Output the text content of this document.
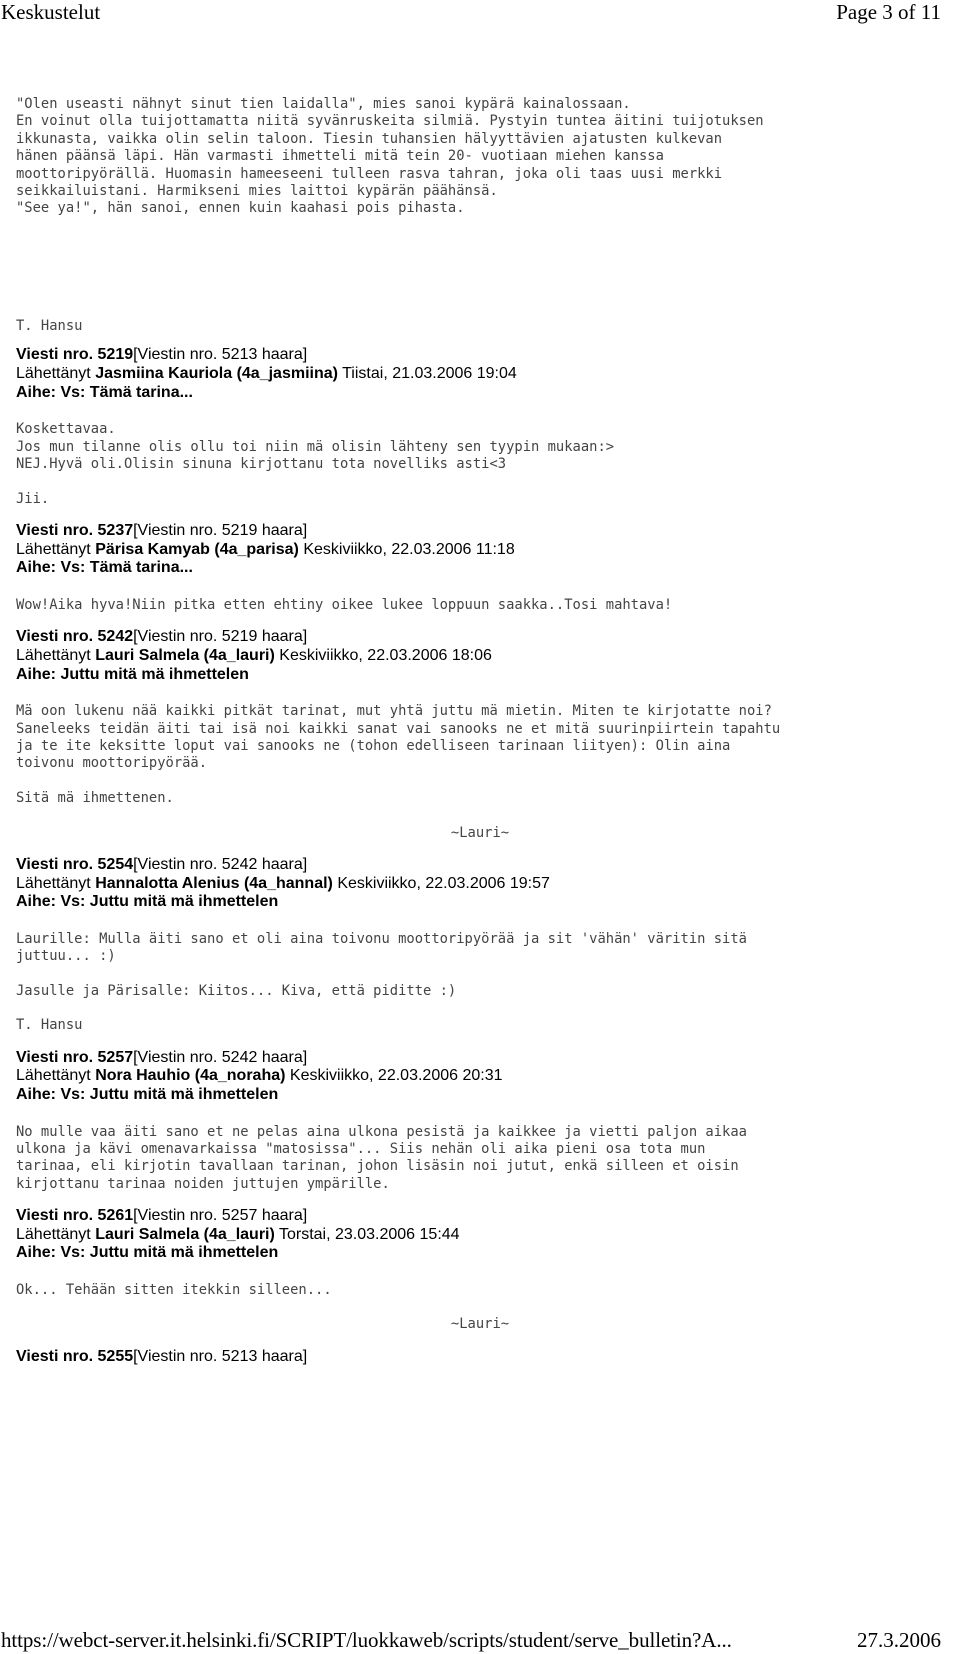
Keskustelut	Page 3 of 11
"Olen useasti nähnyt sinut tien laidalla", mies sanoi kypärä kainalossaan.
En voinut olla tuijottamatta niitä syvänruskeita silmiä. Pystyin tuntea äitini tuijotuksen
ikkunasta, vaikka olin selin taloon. Tiesin tuhansien hälyyttävien ajatusten kulkevan
hänen päänsä läpi. Hän varmasti ihmetteli mitä tein 20- vuotiaan miehen kanssa
moottoripyörällä. Huomasin hameeseeni tulleen rasva tahran, joka oli taas uusi merkki
seikkailuistani. Harmikseni mies laittoi kypärän päähänsä.
"See ya!", hän sanoi, ennen kuin kaahasi pois pihasta.
T. Hansu
Viesti nro. 5219[Viestin nro. 5213 haara]
Lähettänyt Jasmiina Kauriola (4a_jasmiina) Tiistai, 21.03.2006 19:04
Aihe: Vs: Tämä tarina...
Koskettavaa.
Jos mun tilanne olis ollu toi niin mä olisin lähteny sen tyypin mukaan:>
NEJ.Hyvä oli.Olisin sinuna kirjottanu tota novelliks asti<3

Jii.
Viesti nro. 5237[Viestin nro. 5219 haara]
Lähettänyt Pärisa Kamyab (4a_parisa) Keskiviikko, 22.03.2006 11:18
Aihe: Vs: Tämä tarina...
Wow!Aika hyva!Niin pitka etten ehtiny oikee lukee loppuun saakka..Tosi mahtava!
Viesti nro. 5242[Viestin nro. 5219 haara]
Lähettänyt Lauri Salmela (4a_lauri) Keskiviikko, 22.03.2006 18:06
Aihe: Juttu mitä mä ihmettelen
Mä oon lukenu nää kaikki pitkät tarinat, mut yhtä juttu mä mietin. Miten te kirjotatte noi?
Saneleeks teidän äiti tai isä noi kaikki sanat vai sanooks ne et mitä suurinpiirtein tapahtu
ja te ite keksitte loput vai sanooks ne (tohon edelliseen tarinaan liityen): Olin aina
toivonu moottoripyörää.

Sitä mä ihmettenen.
~Lauri~
Viesti nro. 5254[Viestin nro. 5242 haara]
Lähettänyt Hannalotta Alenius (4a_hannal) Keskiviikko, 22.03.2006 19:57
Aihe: Vs: Juttu mitä mä ihmettelen
Laurille: Mulla äiti sano et oli aina toivonu moottoripyörää ja sit 'vähän' väritin sitä
juttuu... :)

Jasulle ja Pärisalle: Kiitos... Kiva, että piditte :)
T. Hansu
Viesti nro. 5257[Viestin nro. 5242 haara]
Lähettänyt Nora Hauhio (4a_noraha) Keskiviikko, 22.03.2006 20:31
Aihe: Vs: Juttu mitä mä ihmettelen
No mulle vaa äiti sano et ne pelas aina ulkona pesistä ja kaikkee ja vietti paljon aikaa
ulkona ja kävi omenavarkaissa "matosissa"... Siis nehän oli aika pieni osa tota mun
tarinaa, eli kirjotin tavallaan tarinan, johon lisäsin noi jutut, enkä silleen et oisin
kirjottanu tarinaa noiden juttujen ympärille.
Viesti nro. 5261[Viestin nro. 5257 haara]
Lähettänyt Lauri Salmela (4a_lauri) Torstai, 23.03.2006 15:44
Aihe: Vs: Juttu mitä mä ihmettelen
Ok... Tehään sitten itekkin silleen...
~Lauri~
Viesti nro. 5255[Viestin nro. 5213 haara]
https://webct-server.it.helsinki.fi/SCRIPT/luokkaweb/scripts/student/serve_bulletin?A...	27.3.2006
